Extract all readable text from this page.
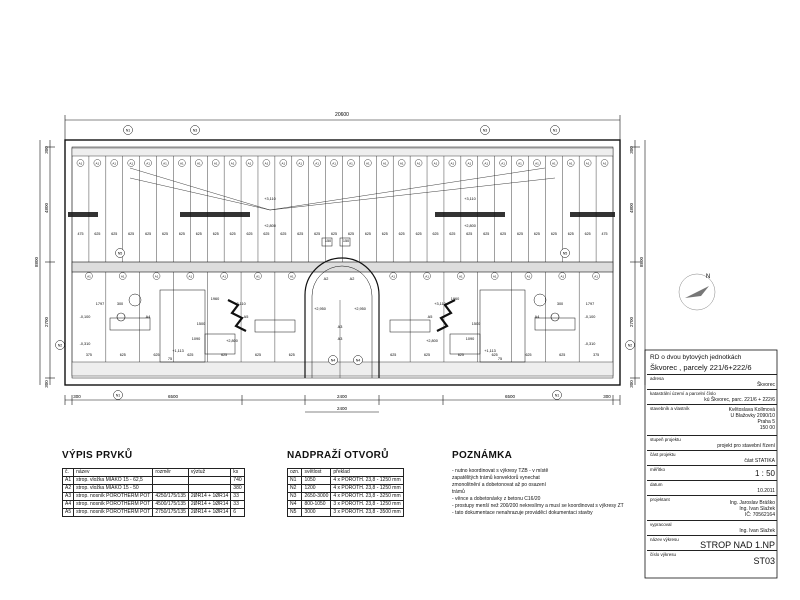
475
A1
625
A1
625
A1
625
A1
625
A1
625
A1
625
A1
625
A1
625
A1
625
A1
625
A1
625
A1
625
A1
625
A1
625
A1
625
A1
625
A1
625
A1
625
A1
625
A1
625
A1
625
A1
625
A1
625
A1
625
A1
625
A1
625
A1
625
A1
625
A1
625
A1
625
A1
475
A1
375
A1
625
A1
625
A1
625
A1
625
A1
625
A1
625
A1
625
A1
625
A1
625
A1
625
A1
625
A1
625
A1
375
A1
N1	N3	N3	N1
N2	N2
N5	N5
N4	N4
N1	N1
+3,110
+2,800
+3,110
+2,800
-0,100
-0,310
-0,100
-0,310
+1,113	+1,113
+3,110	+3,110
+2,950
+2,800	+2,800
+2,950
150	150
1960	1960
1500	1500
1090	1090
1797	1797
300	300
75	75
A4	A4
A5	A5
A3
A3
A2	A2	N
20600
300
4800
2700
300
8800
300
4800
2700
300
8800
300	6500	2400	6500	300
2400
VÝPIS PRVKŮ
č.	název	rozměr	výztuž	ks
A1	strop. vložka MIAKO 15 - 62,5			740
A2	strop. vložka MIAKO 15 - 50			380
A3	strop. nosník POROTHERM POT	4250/175/135	2ØR14 + 1ØR14	33
A4	strop. nosník POROTHERM POT	4500/175/135	2ØR14 + 1ØR14	33
A5	strop. nosník POROTHERM POT	2750/175/135	2ØR14 + 1ØR14	6
NADPRAŽÍ OTVORŮ
ozn.	světlost	překlad
N1	1050	4 x POROTH. 23,8 - 1250 mm
N2	1200	4 x POROTH. 23,8 - 1250 mm
N3	2650-3000	4 x POROTH. 23,8 - 3250 mm
N4	800-1050	3 x POROTH. 23,8 - 1250 mm
N5	3000	3 x POROTH. 23,8 - 3500 mm
POZNÁMKA
- nutno koordinovat s výkresy TZB - v místě
zapatělitých trámů konvektorů vynechat
zmonolitnění a dobetonovat až po osazení
trámů
- věnce a dobetonávky z betonu C16/20
- prostupy menší než 200/200 nekreslímy a musí se koordinovat s výkresy ZT
- tato dokumentace nenahrazuje prováděcí dokumentaci stavby
RD o dvou bytových jednotkách
Škvorec , parcely 221/6+222/6
adresa
Škvorec
katastrální území a parcelní číslo
kú Škvorec, parc. 221/6 + 222/6
stavebník a vlastník	Květoslava Kollmová
U Blažovky 2090/10
Praha 5
150 00
stupeň projektu
projekt pro stavební řízení
část projektu
část STATIKA
měřítko	1 : 50
datum
10.2011
projektant
Ing. Jaroslav Bráško
Ing. Ivan Slažek
IČ: 70562164
vypracoval
Ing. Ivan Slažek
název výkresu
STROP NAD 1.NP
číslo výkresu
ST03
